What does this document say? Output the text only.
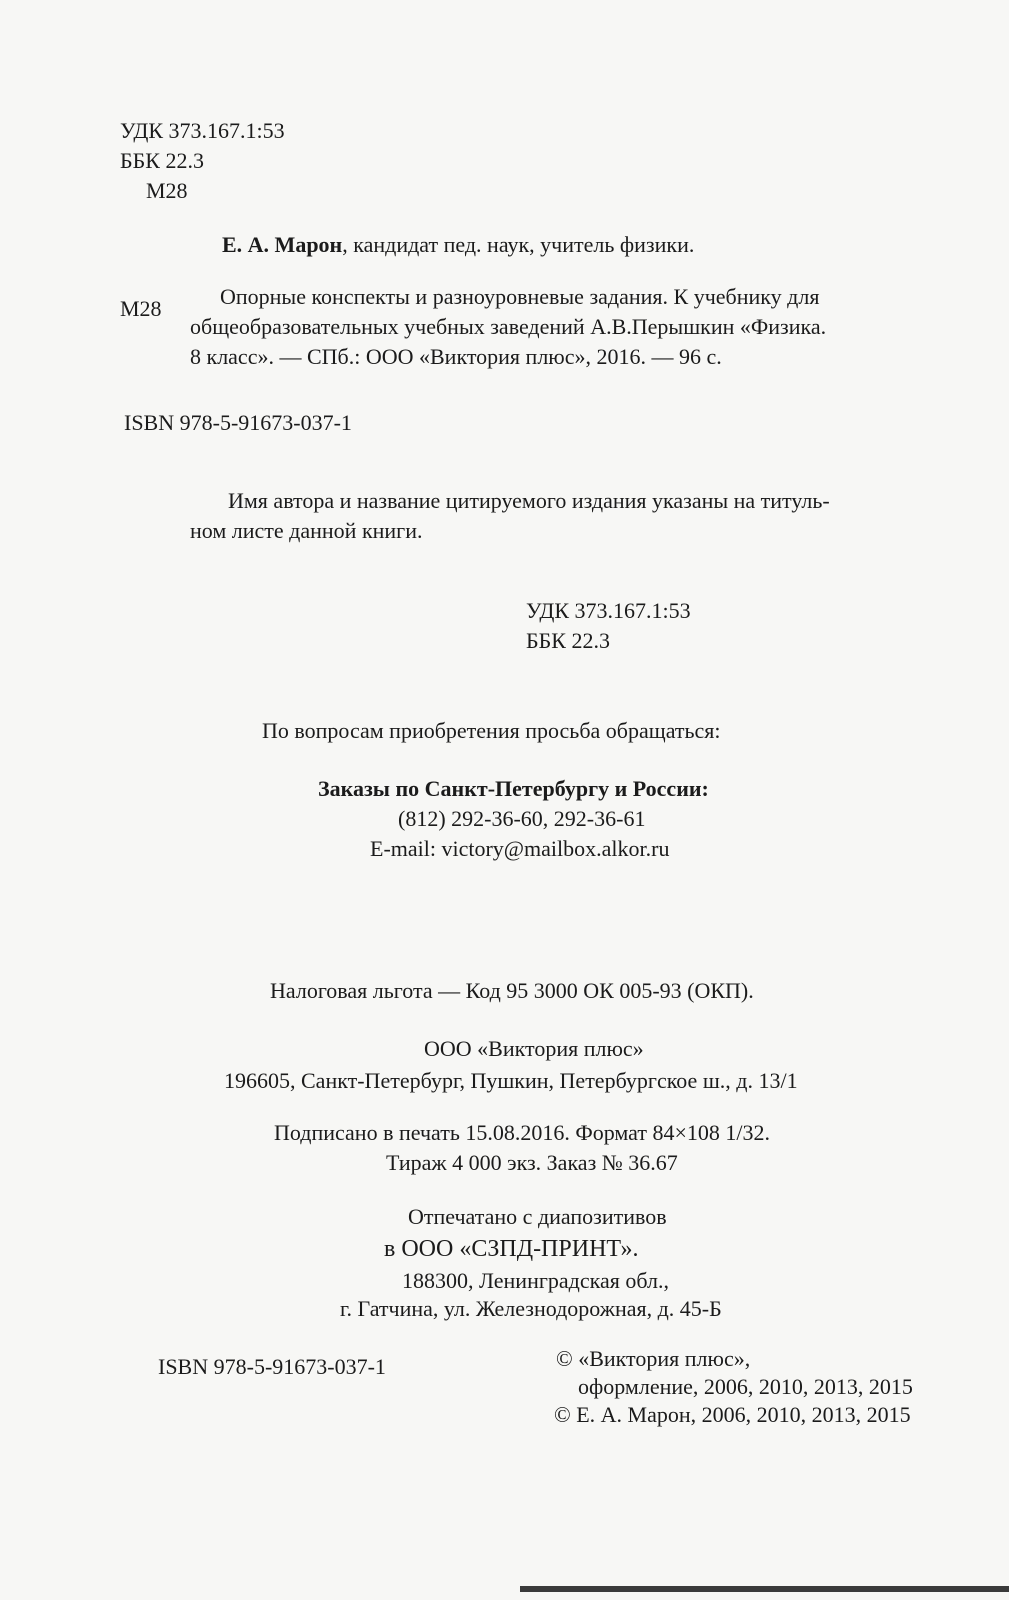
УДК 373.167.1:53
ББК 22.3
М28
Е. А. Марон, кандидат пед. наук, учитель физики.
М28	Опорные конспекты и разноуровневые задания. К учебнику для
общеобразовательных учебных заведений А.В.Перышкин «Физика.
8 класс». — СПб.: ООО «Виктория плюс», 2016. — 96 с.
ISBN 978-5-91673-037-1
Имя автора и название цитируемого издания указаны на титуль-
ном листе данной книги.
УДК 373.167.1:53
ББК 22.3
По вопросам приобретения просьба обращаться:
Заказы по Санкт-Петербургу и России:
(812) 292-36-60, 292-36-61
E-mail: victory@mailbox.alkor.ru
Налоговая льгота — Код 95 3000 ОК 005-93 (ОКП).
ООО «Виктория плюс»
196605, Санкт-Петербург, Пушкин, Петербургское ш., д. 13/1
Подписано в печать 15.08.2016. Формат 84×108 1/32.
Тираж 4 000 экз. Заказ № 36.67
Отпечатано с диапозитивов
в ООО «СЗПД-ПРИНТ».
188300, Ленинградская обл.,
г. Гатчина, ул. Железнодорожная, д. 45-Б
ISBN 978-5-91673-037-1	© «Виктория плюс»,
оформление, 2006, 2010, 2013, 2015
© Е. А. Марон, 2006, 2010, 2013, 2015
